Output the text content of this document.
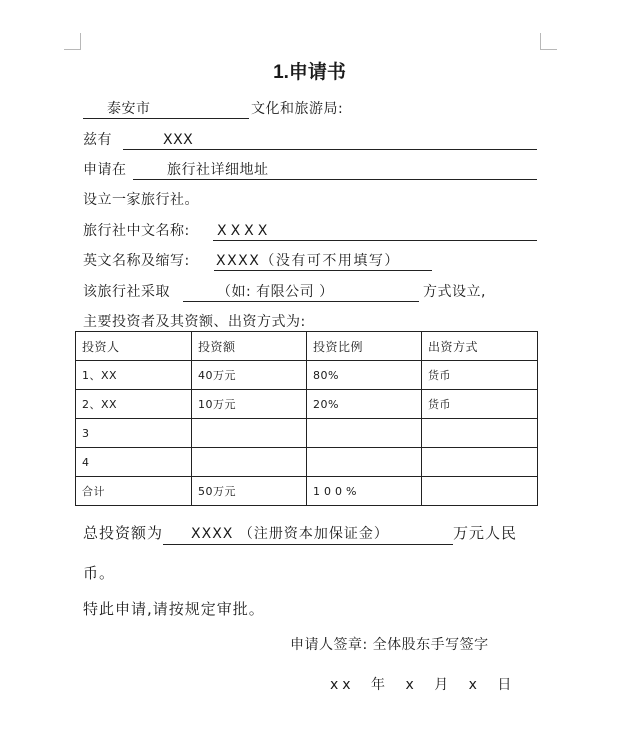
1.申请书
泰安市	文化和旅游局:
兹有	XXX
申请在	旅行社详细地址
设立一家旅行社。
旅行社中文名称: XXXX
英文名称及缩写: XXXX（没有可不用填写）
该旅行社采取	（如: 有限公司 ）	方式设立,
主要投资者及其资额、出资方式为:
投资人	投资额	投资比例	出资方式
1、XX	40万元	80%	货币
2、XX	10万元	20%	货币
3			
4			
合计	50万元	100%	
总投资额为 XXXX （注册资本加保证金）	万元人民
币。
特此申请,请按规定审批。
申请人签章: 全体股东手写签字
xx 年 x 月 x 日
